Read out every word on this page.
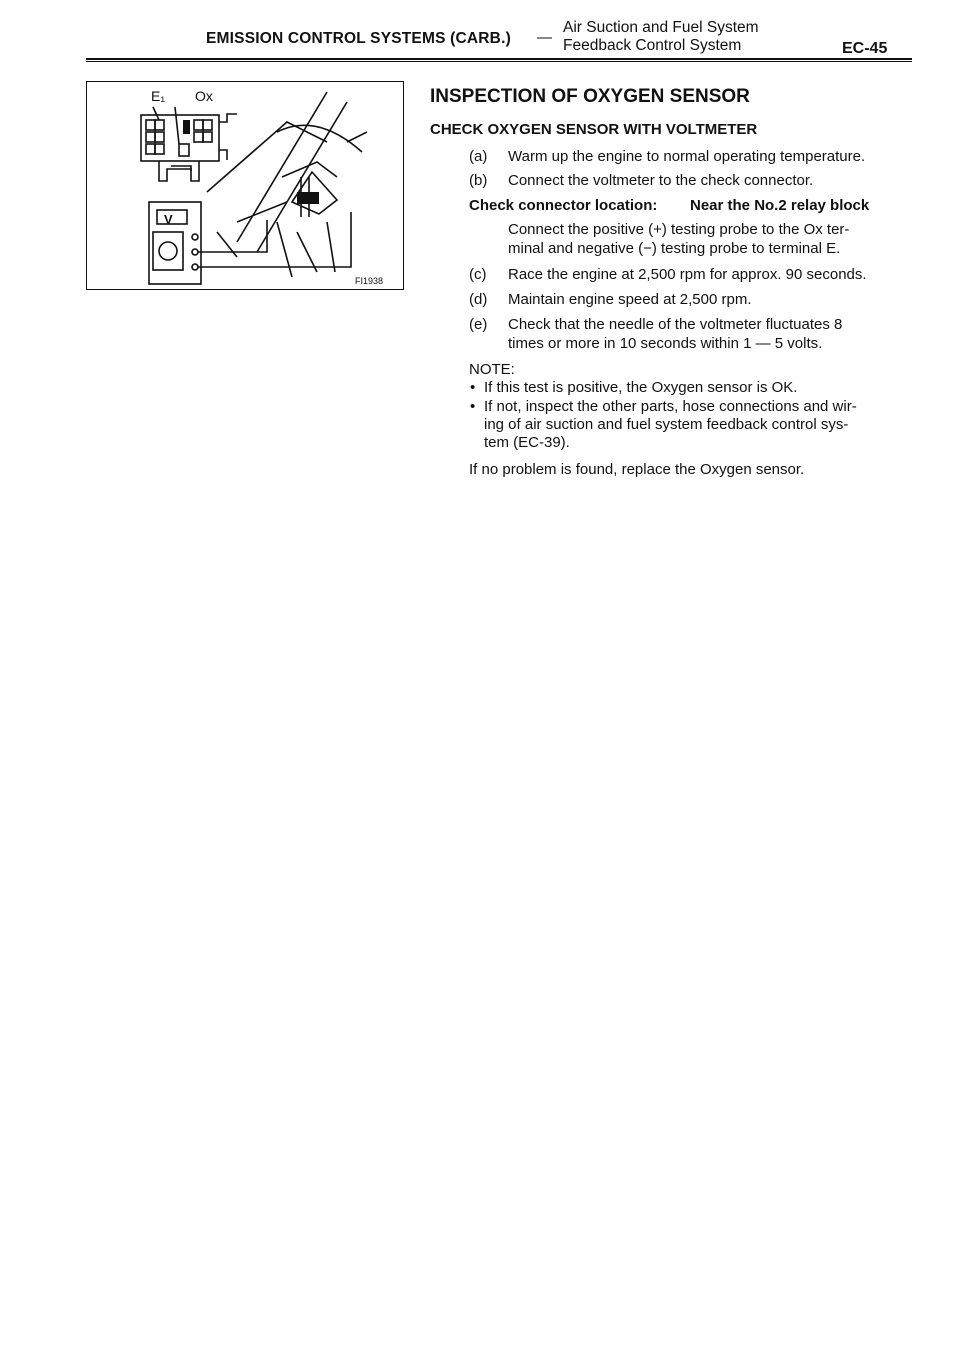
EMISSION CONTROL SYSTEMS (CARB.) —
Air Suction and Fuel System
Feedback Control System	EC-45
E₁ Ox
V
FI1938
INSPECTION OF OXYGEN SENSOR
CHECK OXYGEN SENSOR WITH VOLTMETER
(a) Warm up the engine to normal operating temperature.
(b) Connect the voltmeter to the check connector.
Check connector location: Near the No.2 relay block
Connect the positive (+) testing probe to the Ox ter-
minal and negative (−) testing probe to terminal E.
(c) Race the engine at 2,500 rpm for approx. 90 seconds.
(d) Maintain engine speed at 2,500 rpm.
(e) Check that the needle of the voltmeter fluctuates 8
times or more in 10 seconds within 1 — 5 volts.
NOTE:
• If this test is positive, the Oxygen sensor is OK.
• If not, inspect the other parts, hose connections and wir-
ing of air suction and fuel system feedback control sys-
tem (EC-39).
If no problem is found, replace the Oxygen sensor.
